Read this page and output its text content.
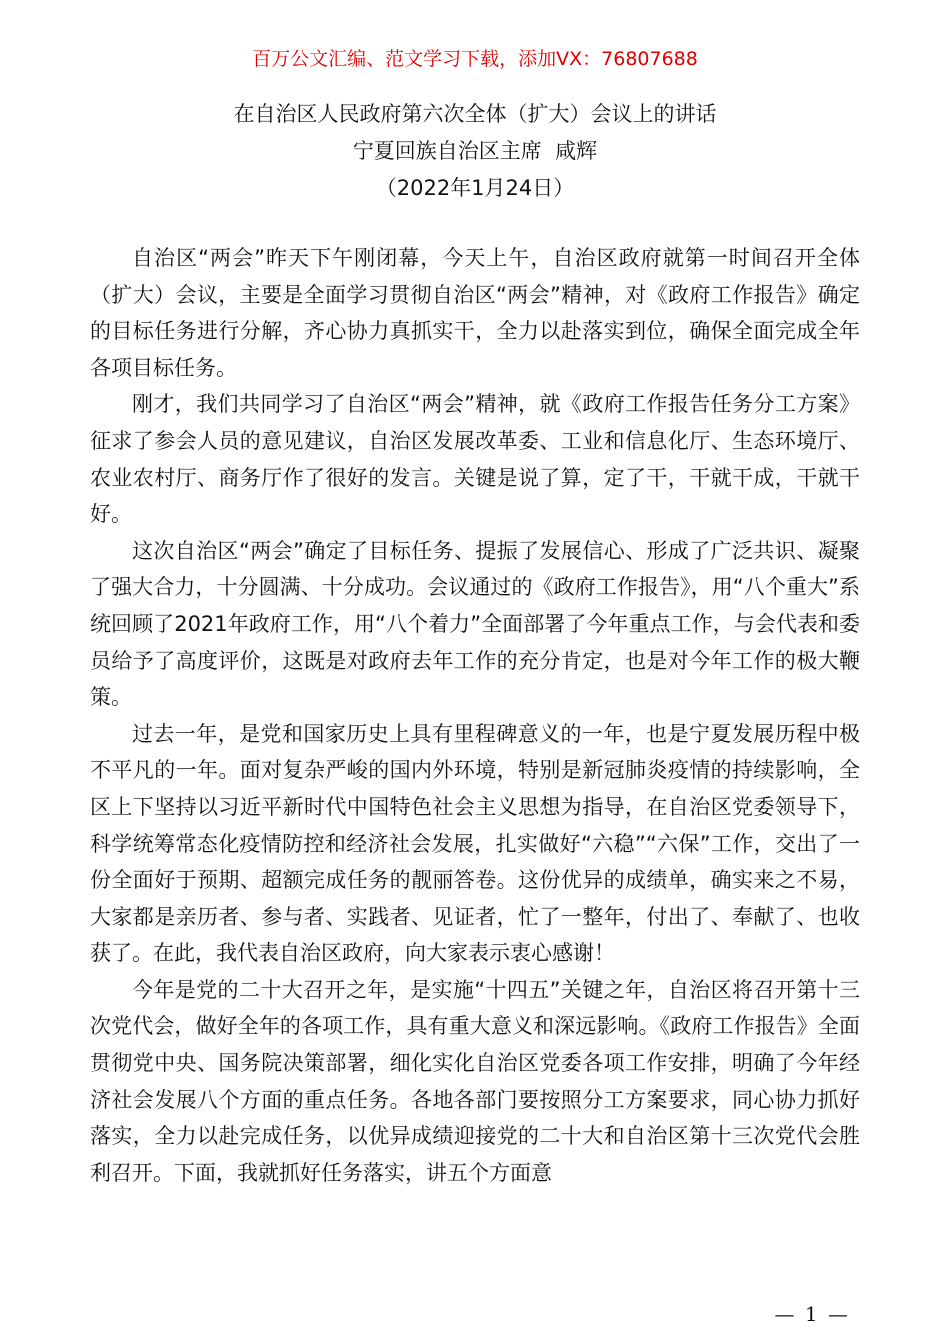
百万公文汇编、范文学习下载，添加VX：76807688
在自治区人民政府第六次全体（扩大）会议上的讲话
宁夏回族自治区主席  咸辉
（2022年1月24日）

自治区“两会”昨天下午刚闭幕，今天上午，自治区政府就第一时间召开全体（扩大）会议，主要是全面学习贯彻自治区“两会”精神，对《政府工作报告》确定的目标任务进行分解，齐心协力真抓实干，全力以赴落实到位，确保全面完成全年各项目标任务。

刚才，我们共同学习了自治区“两会”精神，就《政府工作报告任务分工方案》征求了参会人员的意见建议，自治区发展改革委、工业和信息化厅、生态环境厅、农业农村厅、商务厅作了很好的发言。关键是说了算，定了干，干就干成，干就干好。

这次自治区“两会”确定了目标任务、提振了发展信心、形成了广泛共识、凝聚了强大合力，十分圆满、十分成功。会议通过的《政府工作报告》，用“八个重大”系统回顾了2021年政府工作，用“八个着力”全面部署了今年重点工作，与会代表和委员给予了高度评价，这既是对政府去年工作的充分肯定，也是对今年工作的极大鞭策。

过去一年，是党和国家历史上具有里程碑意义的一年，也是宁夏发展历程中极不平凡的一年。面对复杂严峻的国内外环境，特别是新冠肺炎疫情的持续影响，全区上下坚持以习近平新时代中国特色社会主义思想为指导，在自治区党委领导下，科学统筹常态化疫情防控和经济社会发展，扎实做好“六稳”“六保”工作，交出了一份全面好于预期、超额完成任务的靓丽答卷。这份优异的成绩单，确实来之不易，大家都是亲历者、参与者、实践者、见证者，忙了一整年，付出了、奉献了、也收获了。在此，我代表自治区政府，向大家表示衷心感谢！

今年是党的二十大召开之年，是实施“十四五”关键之年，自治区将召开第十三次党代会，做好全年的各项工作，具有重大意义和深远影响。《政府工作报告》全面贯彻党中央、国务院决策部署，细化实化自治区党委各项工作安排，明确了今年经济社会发展八个方面的重点任务。各地各部门要按照分工方案要求，同心协力抓好落实，全力以赴完成任务，以优异成绩迎接党的二十大和自治区第十三次党代会胜利召开。下面，我就抓好任务落实，讲五个方面意

— 1 —
